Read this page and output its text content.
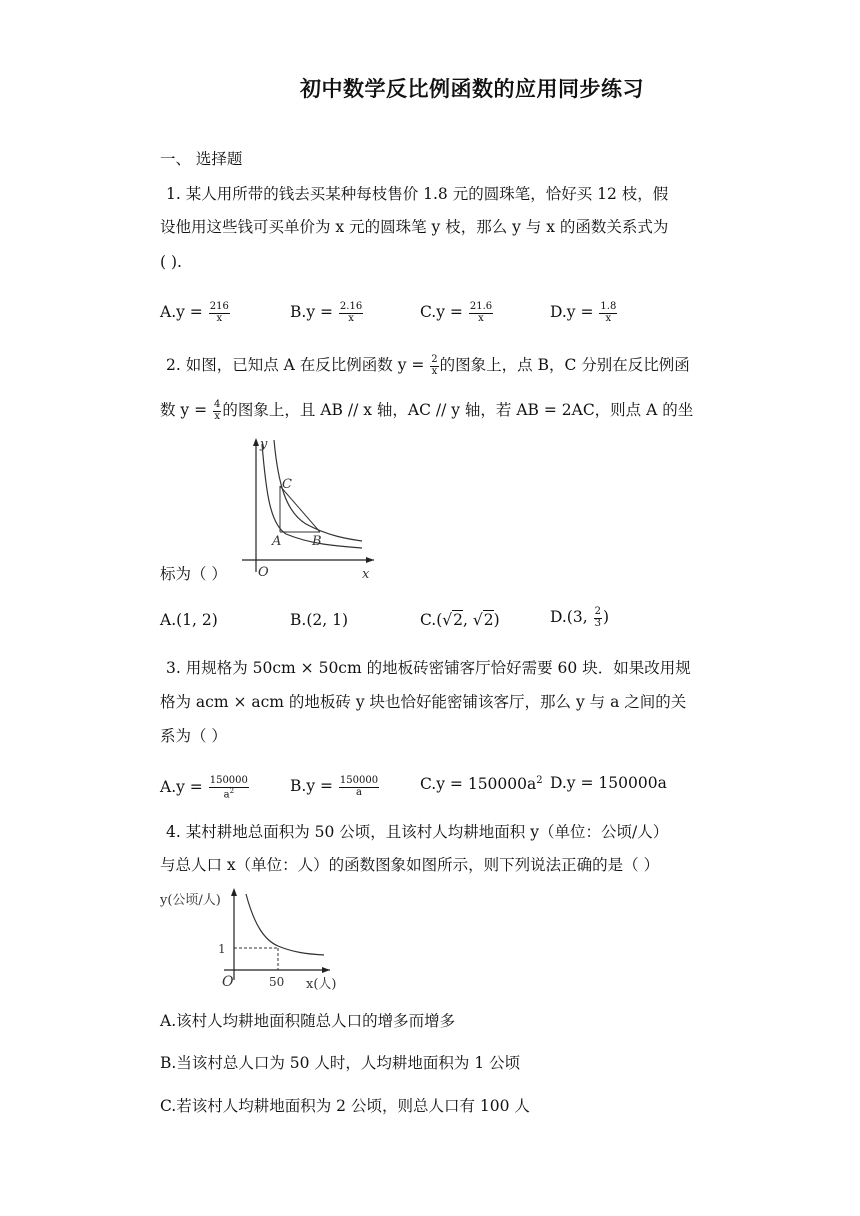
初中数学反比例函数的应用同步练习
一、 选择题
1. 某人用所带的钱去买某种每枝售价 1.8 元的圆珠笔，恰好买 12 枝，假
设他用这些钱可买单价为 x 元的圆珠笔 y 枝，那么 y 与 x 的函数关系式为
( ).
$A.y = \frac{216}{x}$	$B.y = \frac{2.16}{x}$	$C.y = \frac{21.6}{x}$	$D.y = \frac{1.8}{x}$
2. 如图，已知点 A 在反比例函数 $y = \frac{2}{x}$ 的图象上，点 B，C 分别在反比例函
数 $y = \frac{4}{x}$ 的图象上，且 AB // x 轴，AC // y 轴，若 AB = 2AC，则点 A 的坐
y
x
O
A B
C
标为（ ）
A.(1, 2)	B.(2, 1)	C.(√2, √2)	D.(3, $\frac{2}{3}$ )
3. 用规格为 50cm × 50cm 的地板砖密铺客厅恰好需要 60 块．如果改用规
格为 acm × acm 的地板砖 y 块也恰好能密铺该客厅，那么 y 与 a 之间的关
系为（ ）
$A.y = \frac{150000}{a^2}$	$B.y = \frac{150000}{a}$	$C.y = 150000a^2$ D.y = 150000a
4. 某村耕地总面积为 50 公顷，且该村人均耕地面积 y（单位：公顷/人）
与总人口 x（单位：人）的函数图象如图所示，则下列说法正确的是（ ）
y(公顷/人)
x(人)
O
1
50
A.该村人均耕地面积随总人口的增多而增多
B.当该村总人口为 50 人时，人均耕地面积为 1 公顷
C.若该村人均耕地面积为 2 公顷，则总人口有 100 人
